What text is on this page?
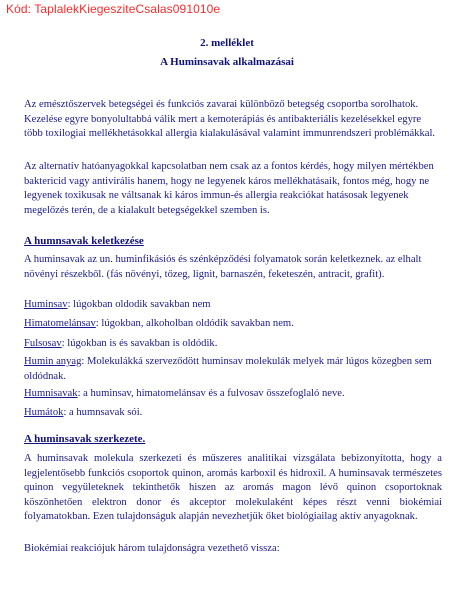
Kód: TaplalekKiegesziteCsalas091010e
2. melléklet
A Huminsavak alkalmazásai

Az emésztőszervek betegségei és funkciós zavarai különböző betegség csoportba sorolhatok. Kezelése egyre bonyolultabbá válik mert a kemoterápiás és antibakteriális kezelésekkel egyre több toxilogiai mellékhetásokkal allergia kialakulásával valamint immunrendszeri problémákkal.

Az alternatív hatóanyagokkal kapcsolatban nem csak az a fontos kérdés, hogy milyen mértékben baktericid vagy antivirális hanem, hogy ne legyenek káros mellékhatásaik, fontos még, hogy ne legyenek toxikusak ne váltsanak ki káros immun-és allergia reakciókat hatásosak legyenek megelőzés terén, de a kialakult betegségekkel szemben is.

A humnsavak keletkezése

A huminsavak az un. huminfikásiós és szénképződési folyamatok során keletkeznek. az elhalt növényi részekből. (fás növényi, tőzeg, lignit, barnaszén, feketeszén, antracit, grafit).

Huminsav: lúgokban oldodik savakban nem

Himatomelánsav: lúgokban, alkoholban oldódik savakban nem.

Fulsosav: lúgokban is és savakban is oldódik.

Humin anyag: Molekulákká szerveződött huminsav molekulák melyek már lúgos közegben sem oldódnak.

Humnisavak: a huminsav, himatomelánsav és a fulvosav összefoglaló neve.

Humátok: a humnsavak sói.

A huminsavak szerkezete.

A huminsavak molekula szerkezeti és műszeres analitikai vizsgálata bebizonyította, hogy a legjelentősebb funkciós csoportok quinon, aromás karboxil és hidroxil. A huminsavak természetes quinon vegyületeknek tekinthetők hiszen az aromás magon lévő quinon csoportoknak köszönhetően elektron donor és akceptor molekulaként képes részt venni biokémiai folyamatokban. Ezen tulajdonságuk alapján nevezhetjük őket biológiailag aktív anyagoknak.

Biokémiai reakciójuk három tulajdonságra vezethető vissza:
